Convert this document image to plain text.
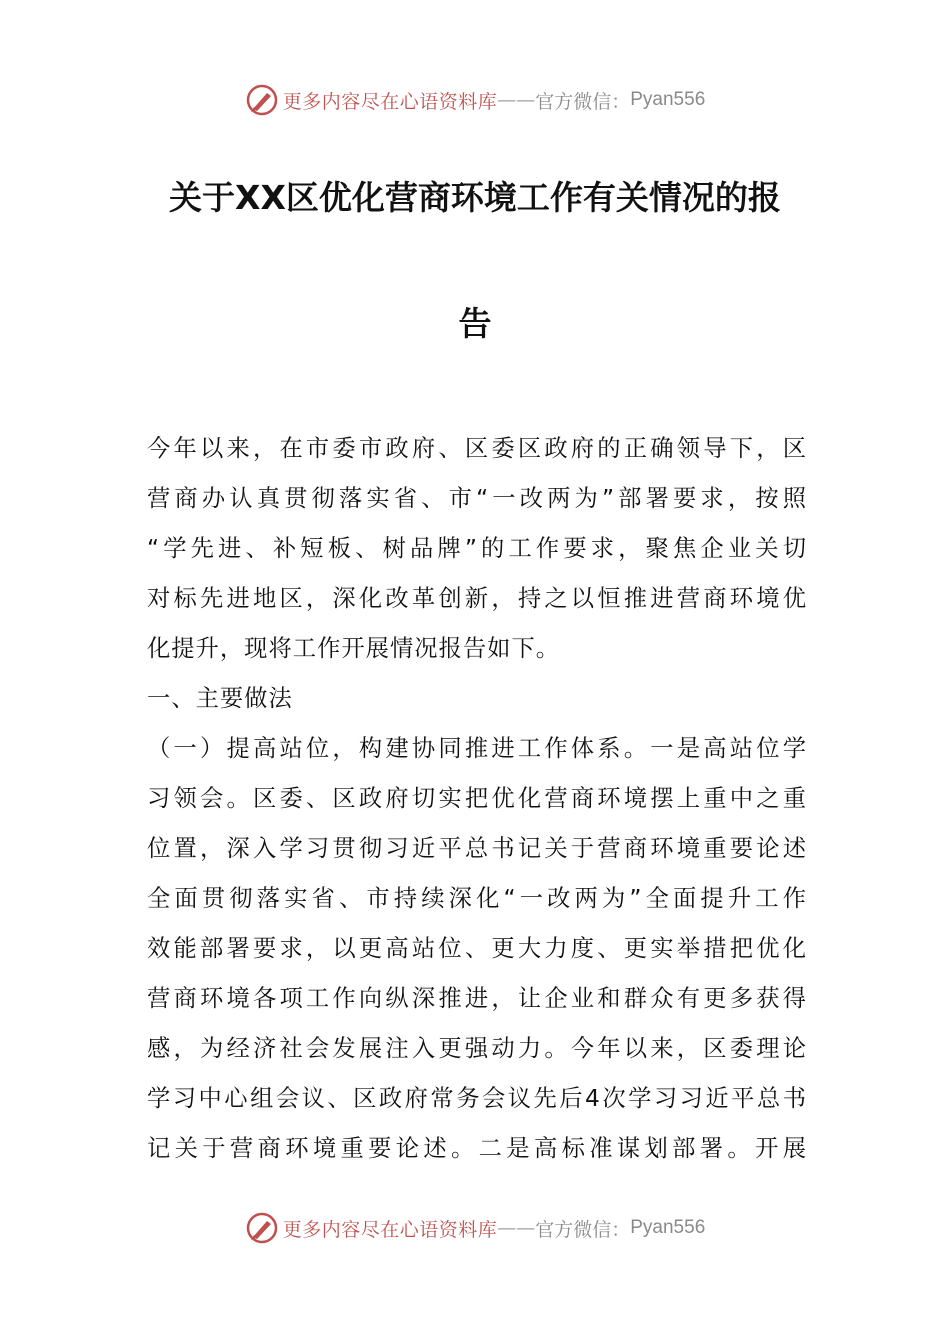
更多内容尽在心语资料库 —— 官方微信： Pyan556
关于XX区优化营商环境工作有关情况的报
告
今年以来，在市委市政府、区委区政府的正确领导下，区
营商办认真贯彻落实省、市“一改两为”部署要求，按照
“学先进、补短板、树品牌”的工作要求，聚焦企业关切
对标先进地区，深化改革创新，持之以恒推进营商环境优
化提升，现将工作开展情况报告如下。
一、主要做法
（一）提高站位，构建协同推进工作体系。一是高站位学
习领会。区委、区政府切实把优化营商环境摆上重中之重
位置，深入学习贯彻习近平总书记关于营商环境重要论述
全面贯彻落实省、市持续深化“一改两为”全面提升工作
效能部署要求，以更高站位、更大力度、更实举措把优化
营商环境各项工作向纵深推进，让企业和群众有更多获得
感，为经济社会发展注入更强动力。今年以来，区委理论
学习中心组会议、区政府常务会议先后4次学习习近平总书
记关于营商环境重要论述。二是高标准谋划部署。开展
更多内容尽在心语资料库 —— 官方微信： Pyan556
